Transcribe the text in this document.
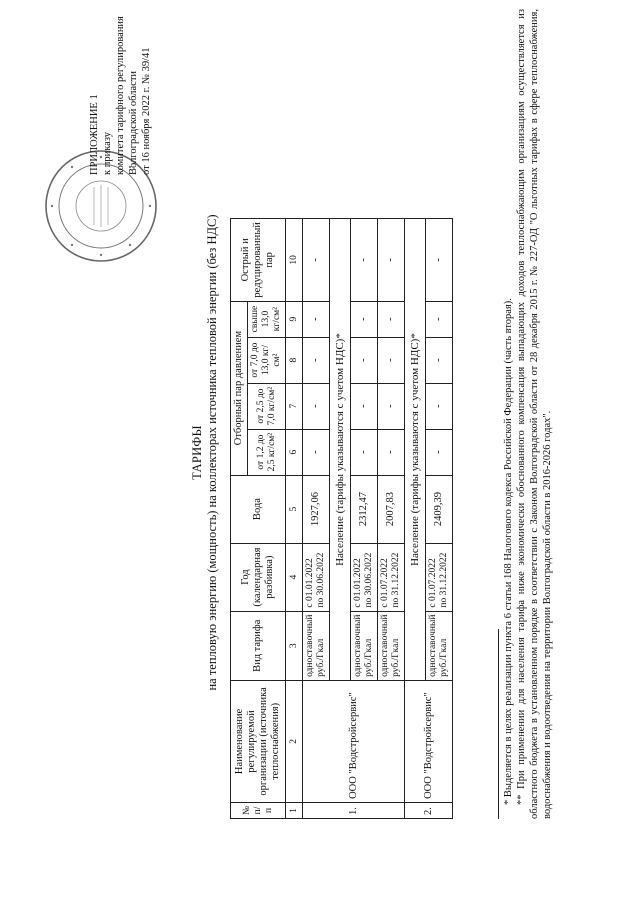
ПРИЛОЖЕНИЕ 1 к приказу комитета тарифного регулирования Волгоградской области от 16 ноября 2022 г. № 39/41
ТАРИФЫ на тепловую энергию (мощность) на коллекторах источника тепловой энергии (без НДС)
№ п/п	Наименование регулируемой организации (источника теплоснабжения)	Вид тарифа	Год (календарная разбивка)	Вода	Отборный пар давлением				Острый и редуцированный пар
					от 1,2 до 2,5 кг/см²	от 2,5 до 7,0 кг/см²	от 7,0 до 13,0 кг/см²	свыше 13,0 кг/см²	
1	2	3	4	5	6	7	8	9	10
1.	ООО "Водстройсервис"	одноставочный руб./Гкал	с 01.01.2022 по 30.06.2022	1927,06	-	-	-	-	-
		Население (тарифы указываются с учетом НДС)*							
		одноставочный руб./Гкал	с 01.01.2022 по 30.06.2022	2312,47	-	-	-	-	-
		одноставочный руб./Гкал	с 01.07.2022 по 31.12.2022	2007,83	-	-	-	-	-
2.	ООО "Водстройсервис"	Население (тарифы указываются с учетом НДС)*							
		одноставочный руб./Гкал	с 01.07.2022 по 31.12.2022	2409,39	-	-	-	-	-

* Выделяется в целях реализации пункта 6 статьи 168 Налогового кодекса Российской Федерации (часть вторая). ** При применении для населения тарифа ниже экономически обоснованного компенсация выпадающих доходов теплоснабжающим организациям осуществляется из областного бюджета в установленном порядке в соответствии с Законом Волгоградской области от 28 декабря 2015 г. № 227-ОД "О льготных тарифах в сфере теплоснабжения, водоснабжения и водоотведения на территории Волгоградской области в 2016-2026 годах".
